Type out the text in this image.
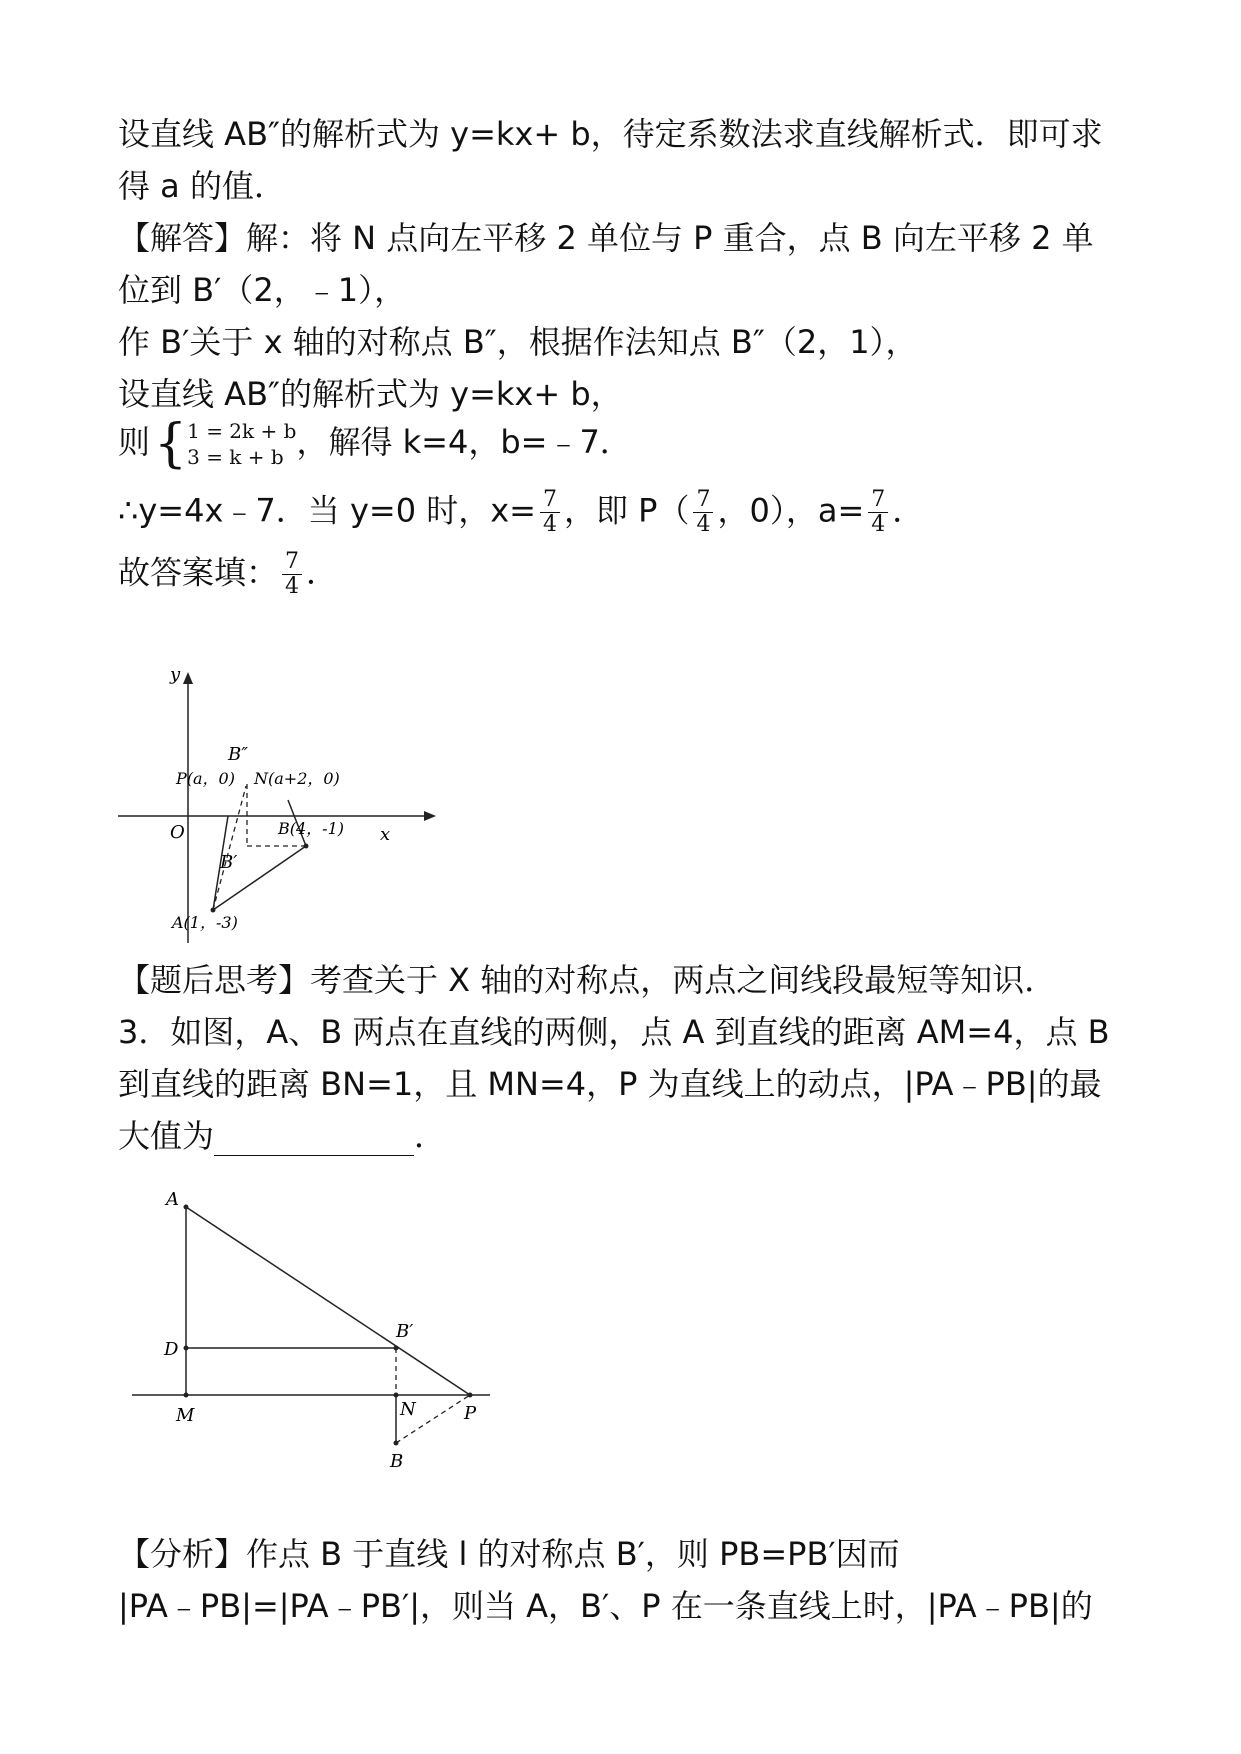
设直线 AB″的解析式为 y=kx+ b，待定系数法求直线解析式．即可求
得 a 的值．
【解答】解：将 N 点向左平移 2 单位与 P 重合，点 B 向左平移 2 单
位到 B′（2，﹣1），
作 B′关于 x 轴的对称点 B″，根据作法知点 B″（2，1），
设直线 AB″的解析式为 y=kx+ b，
则{ 1 = 2k + b
3 = k + b ，解得 k=4，b=﹣7．
∴y=4x﹣7．当 y=0 时，$x= \frac{7}{4}$ ，即 $P( \frac{7}{4}$ ，0），$a= \frac{7}{4}$ ．
故答案填： $\frac{7}{4}$ ．
y
x
O
B″
P(a，0) N(a+2，0)
B(4，-1)
B′
A(1，-3)
【题后思考】考查关于 X 轴的对称点，两点之间线段最短等知识．
3．如图，A、B 两点在直线的两侧，点 A 到直线的距离 AM=4，点 B
到直线的距离 BN=1，且 MN=4，P 为直线上的动点，|PA﹣PB|的最
大值为	．
A
D
B′
M	N	P
B
【分析】作点 B 于直线 l 的对称点 B′，则 PB=PB′因而
|PA﹣PB|=|PA﹣PB′|，则当 A，B′、P 在一条直线上时，|PA﹣PB|的
